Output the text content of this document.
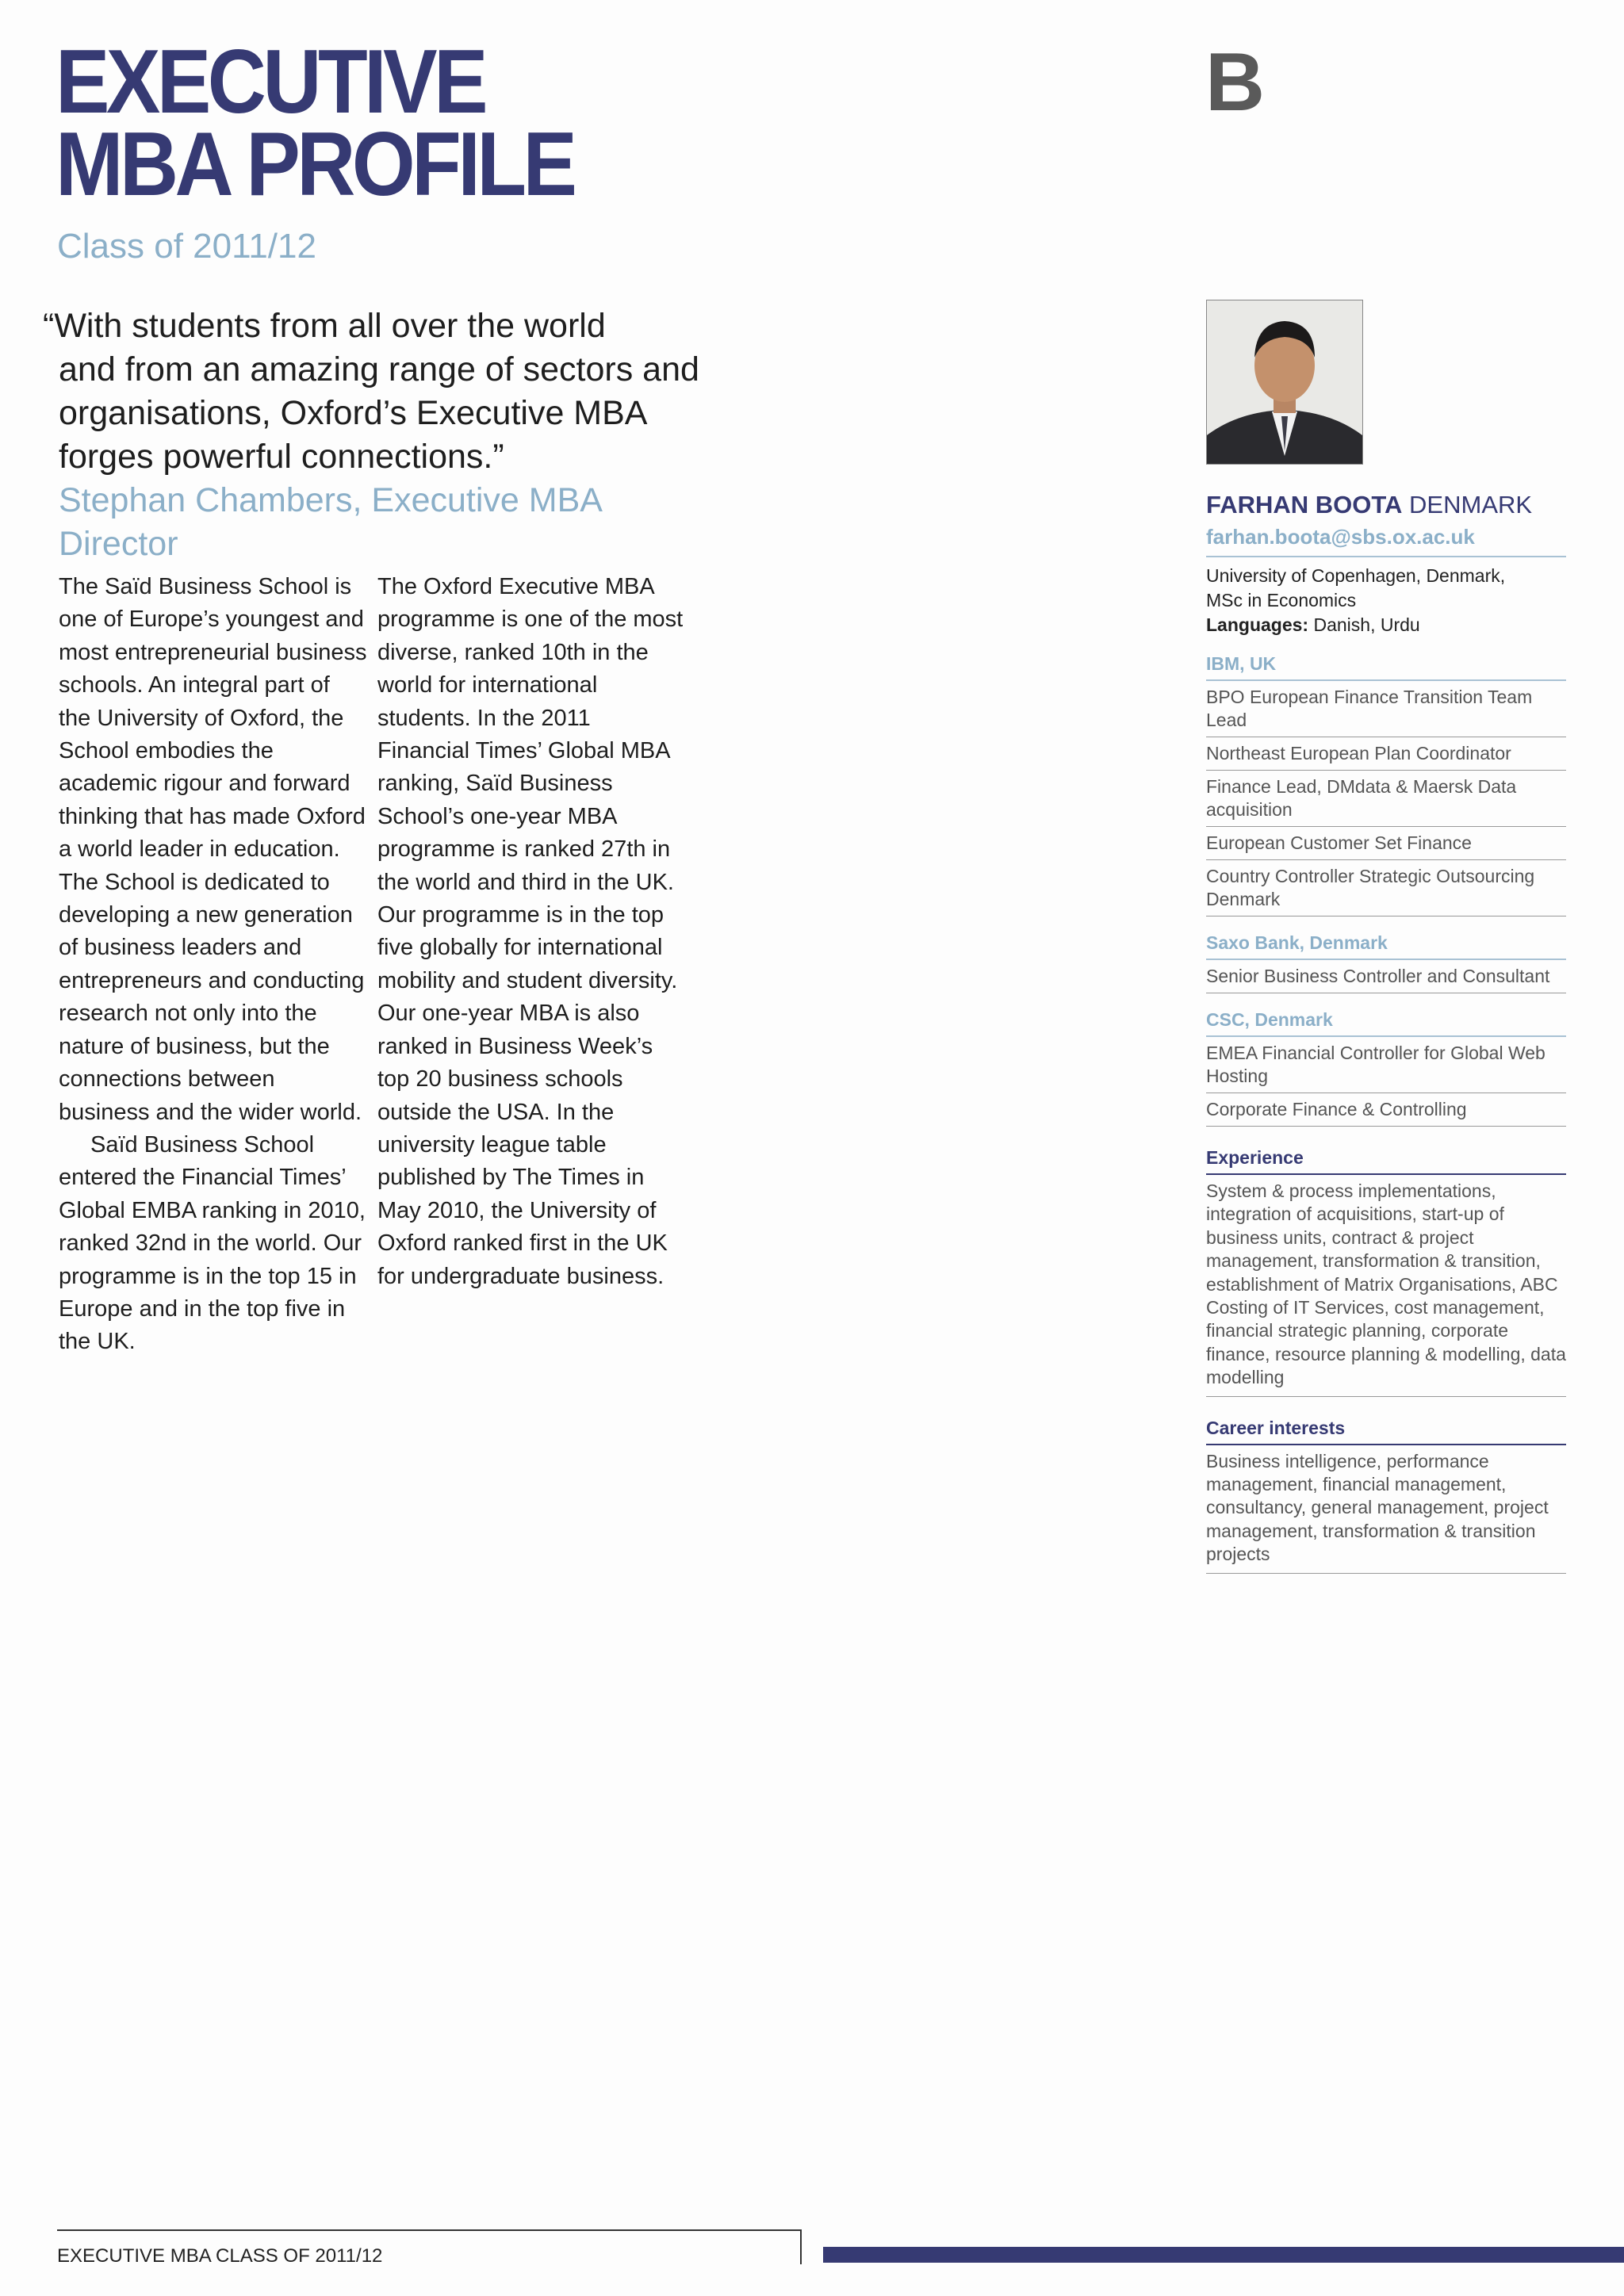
EXECUTIVE
MBA PROFILE
Class of 2011/12
B
“With students from all over the world
and from an amazing range of sectors and
organisations, Oxford’s Executive MBA
forges powerful connections.”
Stephan Chambers, Executive MBA Director

The Saïd Business School is one of Europe’s youngest and most entrepreneurial business schools. An integral part of the University of Oxford, the School embodies the academic rigour and forward thinking that has made Oxford a world leader in education. The School is dedicated to developing a new generation of business leaders and entrepreneurs and conducting research not only into the nature of business, but the connections between business and the wider world.

Saïd Business School entered the Financial Times’ Global EMBA ranking in 2010, ranked 32nd in the world. Our programme is in the top 15 in Europe and in the top five in the UK.

The Oxford Executive MBA programme is one of the most diverse, ranked 10th in the world for international students. In the 2011 Financial Times’ Global MBA ranking, Saïd Business School’s one-year MBA programme is ranked 27th in the world and third in the UK. Our programme is in the top five globally for international mobility and student diversity. Our one-year MBA is also ranked in Business Week’s top 20 business schools outside the USA. In the university league table published by The Times in May 2010, the University of Oxford ranked first in the UK for undergraduate business.

FARHAN BOOTA DENMARK
farhan.boota@sbs.ox.ac.uk
University of Copenhagen, Denmark,
MSc in Economics
Languages: Danish, Urdu
IBM, UK
BPO European Finance Transition Team Lead
Northeast European Plan Coordinator
Finance Lead, DMdata & Maersk Data acquisition
European Customer Set Finance
Country Controller Strategic Outsourcing Denmark
Saxo Bank, Denmark
Senior Business Controller and Consultant
CSC, Denmark
EMEA Financial Controller for Global Web Hosting
Corporate Finance & Controlling
Experience
System & process implementations, integration of acquisitions, start-up of business units, contract & project management, transformation & transition, establishment of Matrix Organisations, ABC Costing of IT Services, cost management, financial strategic planning, corporate finance, resource planning & modelling, data modelling
Career interests
Business intelligence, performance management, financial management, consultancy, general management, project management, transformation & transition projects
EXECUTIVE MBA CLASS OF 2011/12
